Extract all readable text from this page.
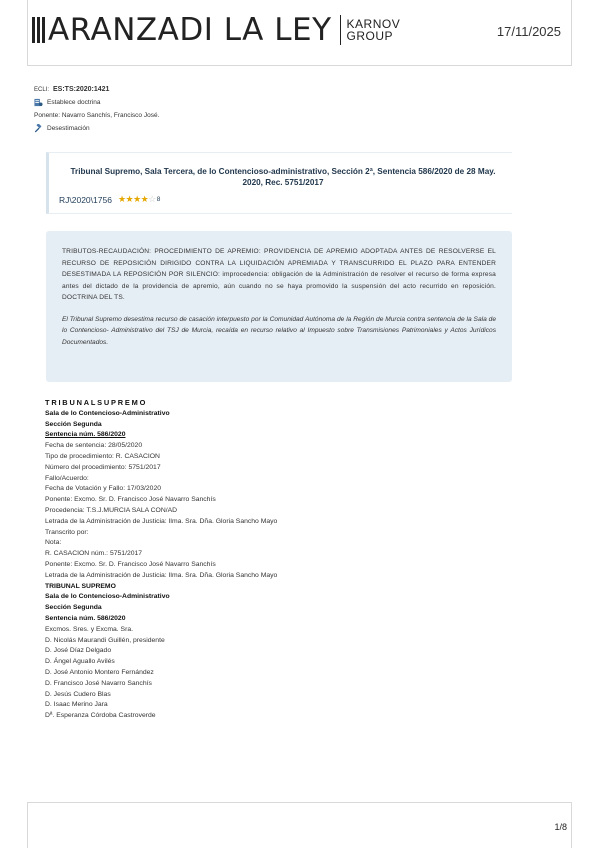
ARANZADI LA LEY KARNOV
GROUP	17/11/2025
ECLI: ES:TS:2020:1421
Establece doctrina
Ponente: Navarro Sanchís, Francisco José.
Desestimación
Tribunal Supremo, Sala Tercera, de lo Contencioso-administrativo, Sección 2ª, Sentencia 586/2020 de 28 May. 2020, Rec. 5751/2017
RJ\2020\1756 ★★★★☆ 8

TRIBUTOS-RECAUDACIÓN: PROCEDIMIENTO DE APREMIO: PROVIDENCIA DE APREMIO ADOPTADA ANTES DE RESOLVERSE EL RECURSO DE REPOSICIÓN DIRIGIDO CONTRA LA LIQUIDACIÓN APREMIADA Y TRANSCURRIDO EL PLAZO PARA ENTENDER DESESTIMADA LA REPOSICIÓN POR SILENCIO: improcedencia: obligación de la Administración de resolver el recurso de forma expresa antes del dictado de la providencia de apremio, aún cuando no se haya promovido la suspensión del acto recurrido en reposición. DOCTRINA DEL TS.

El Tribunal Supremo desestima recurso de casación interpuesto por la Comunidad Autónoma de la Región de Murcia contra sentencia de la Sala de lo Contencioso- Administrativo del TSJ de Murcia, recaída en recurso relativo al Impuesto sobre Transmisiones Patrimoniales y Actos Jurídicos Documentados.

TRIBUNALSUPREMO
Sala de lo Contencioso-Administrativo
Sección Segunda
Sentencia núm. 586/2020
Fecha de sentencia: 28/05/2020
Tipo de procedimiento: R. CASACION
Número del procedimiento: 5751/2017
Fallo/Acuerdo:
Fecha de Votación y Fallo: 17/03/2020
Ponente: Excmo. Sr. D. Francisco José Navarro Sanchís
Procedencia: T.S.J.MURCIA SALA CON/AD
Letrada de la Administración de Justicia: Ilma. Sra. Dña. Gloria Sancho Mayo
Transcrito por:
Nota:
R. CASACION núm.: 5751/2017
Ponente: Excmo. Sr. D. Francisco José Navarro Sanchís
Letrada de la Administración de Justicia: Ilma. Sra. Dña. Gloria Sancho Mayo
TRIBUNAL SUPREMO
Sala de lo Contencioso-Administrativo
Sección Segunda
Sentencia núm. 586/2020
Excmos. Sres. y Excma. Sra.
D. Nicolás Maurandi Guillén, presidente
D. José Díaz Delgado
D. Ángel Aguallo Avilés
D. José Antonio Montero Fernández
D. Francisco José Navarro Sanchís
D. Jesús Cudero Blas
D. Isaac Merino Jara
Dª. Esperanza Córdoba Castroverde
1/8
